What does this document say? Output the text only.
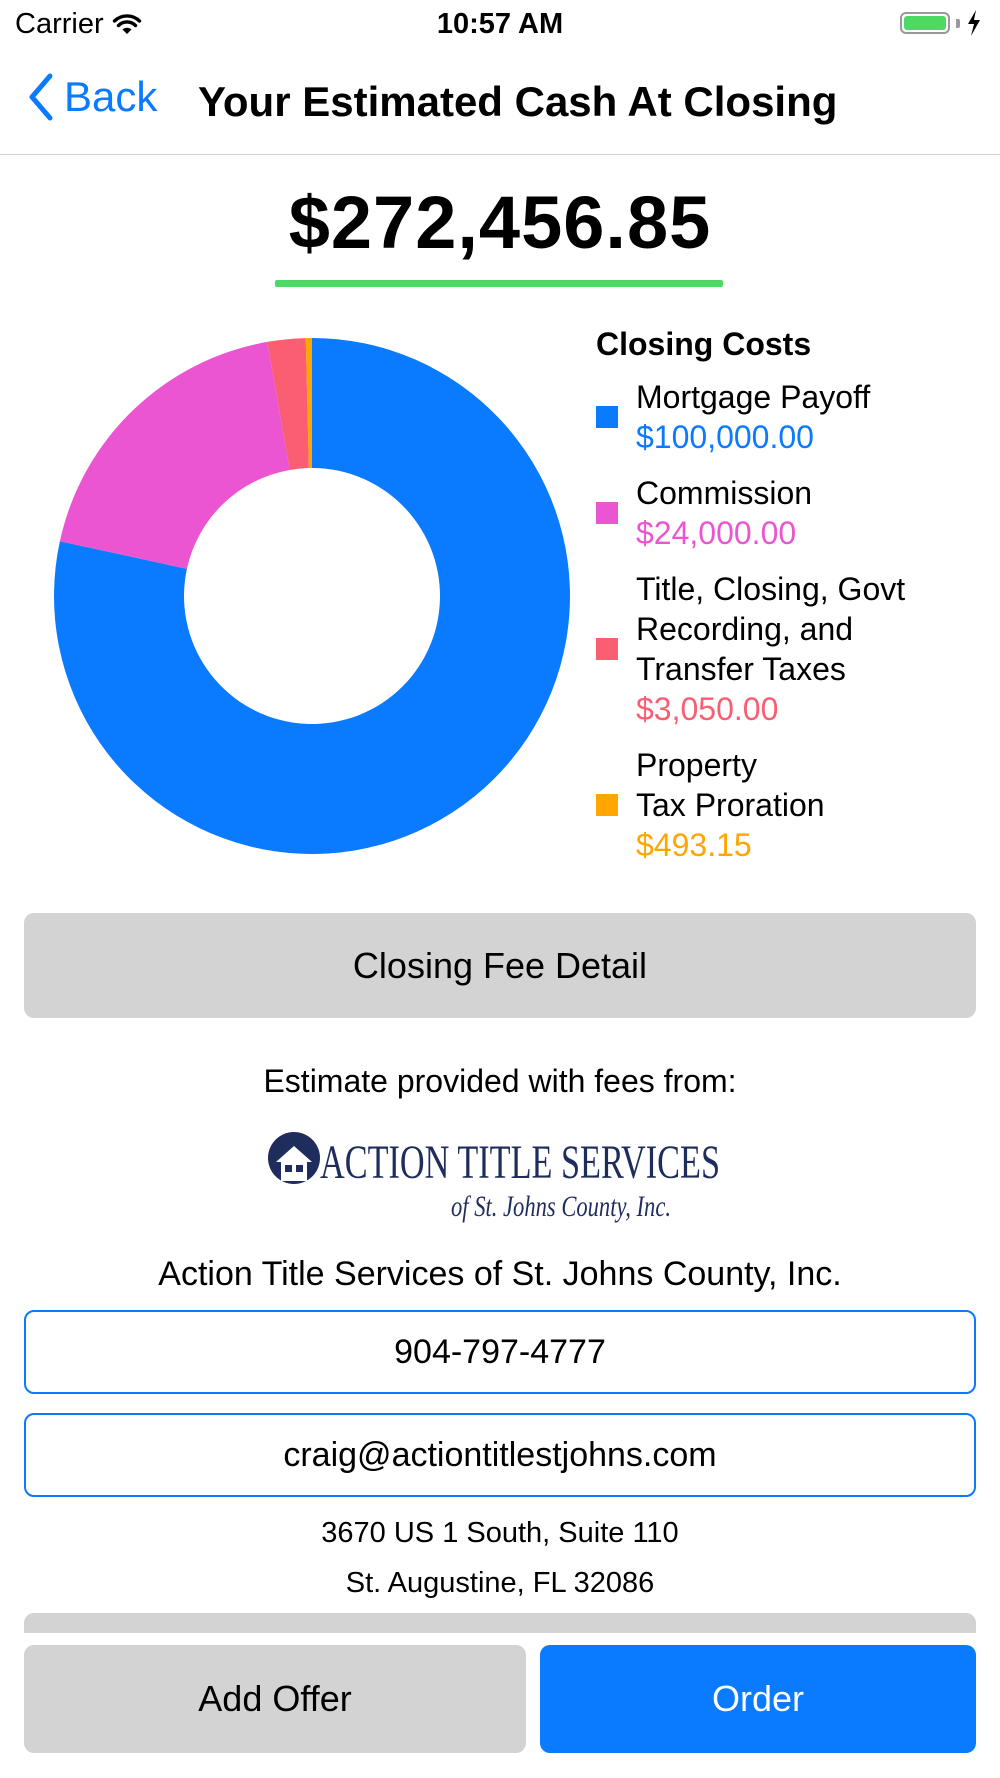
Carrier	10:57 AM
Back Your Estimated Cash At Closing
$272,456.85
Closing Costs
Mortgage Payoff
$100,000.00
Commission
$24,000.00
Title, Closing, Govt
Recording, and
Transfer Taxes
$3,050.00
Property
Tax Proration
$493.15
Closing Fee Detail
Estimate provided with fees from:
ACTION TITLE SERVICES
of St. Johns County, Inc.
Action Title Services of St. Johns County, Inc.
904-797-4777
craig@actiontitlestjohns.com
3670 US 1 South, Suite 110
St. Augustine, FL 32086
Add Offer	Order
